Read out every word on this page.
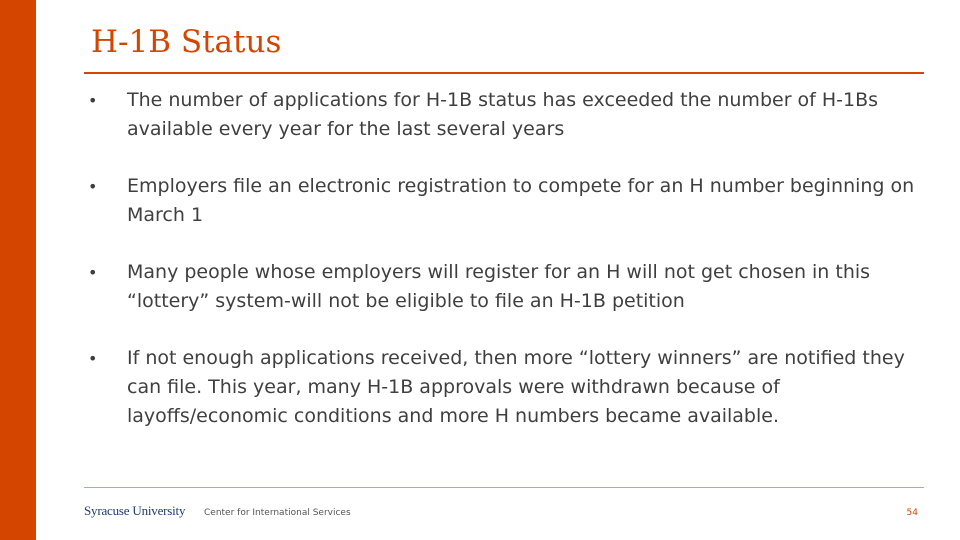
H-1B Status
• The number of applications for H-1B status has exceeded the number of H-1Bs available every year for the last several years
• Employers file an electronic registration to compete for an H number beginning on March 1
• Many people whose employers will register for an H will not get chosen in this “lottery” system-will not be eligible to file an H-1B petition
• If not enough applications received, then more “lottery winners” are notified they can file. This year, many H-1B approvals were withdrawn because of layoffs/economic conditions and more H numbers became available.
Syracuse University Center for International Services	54
